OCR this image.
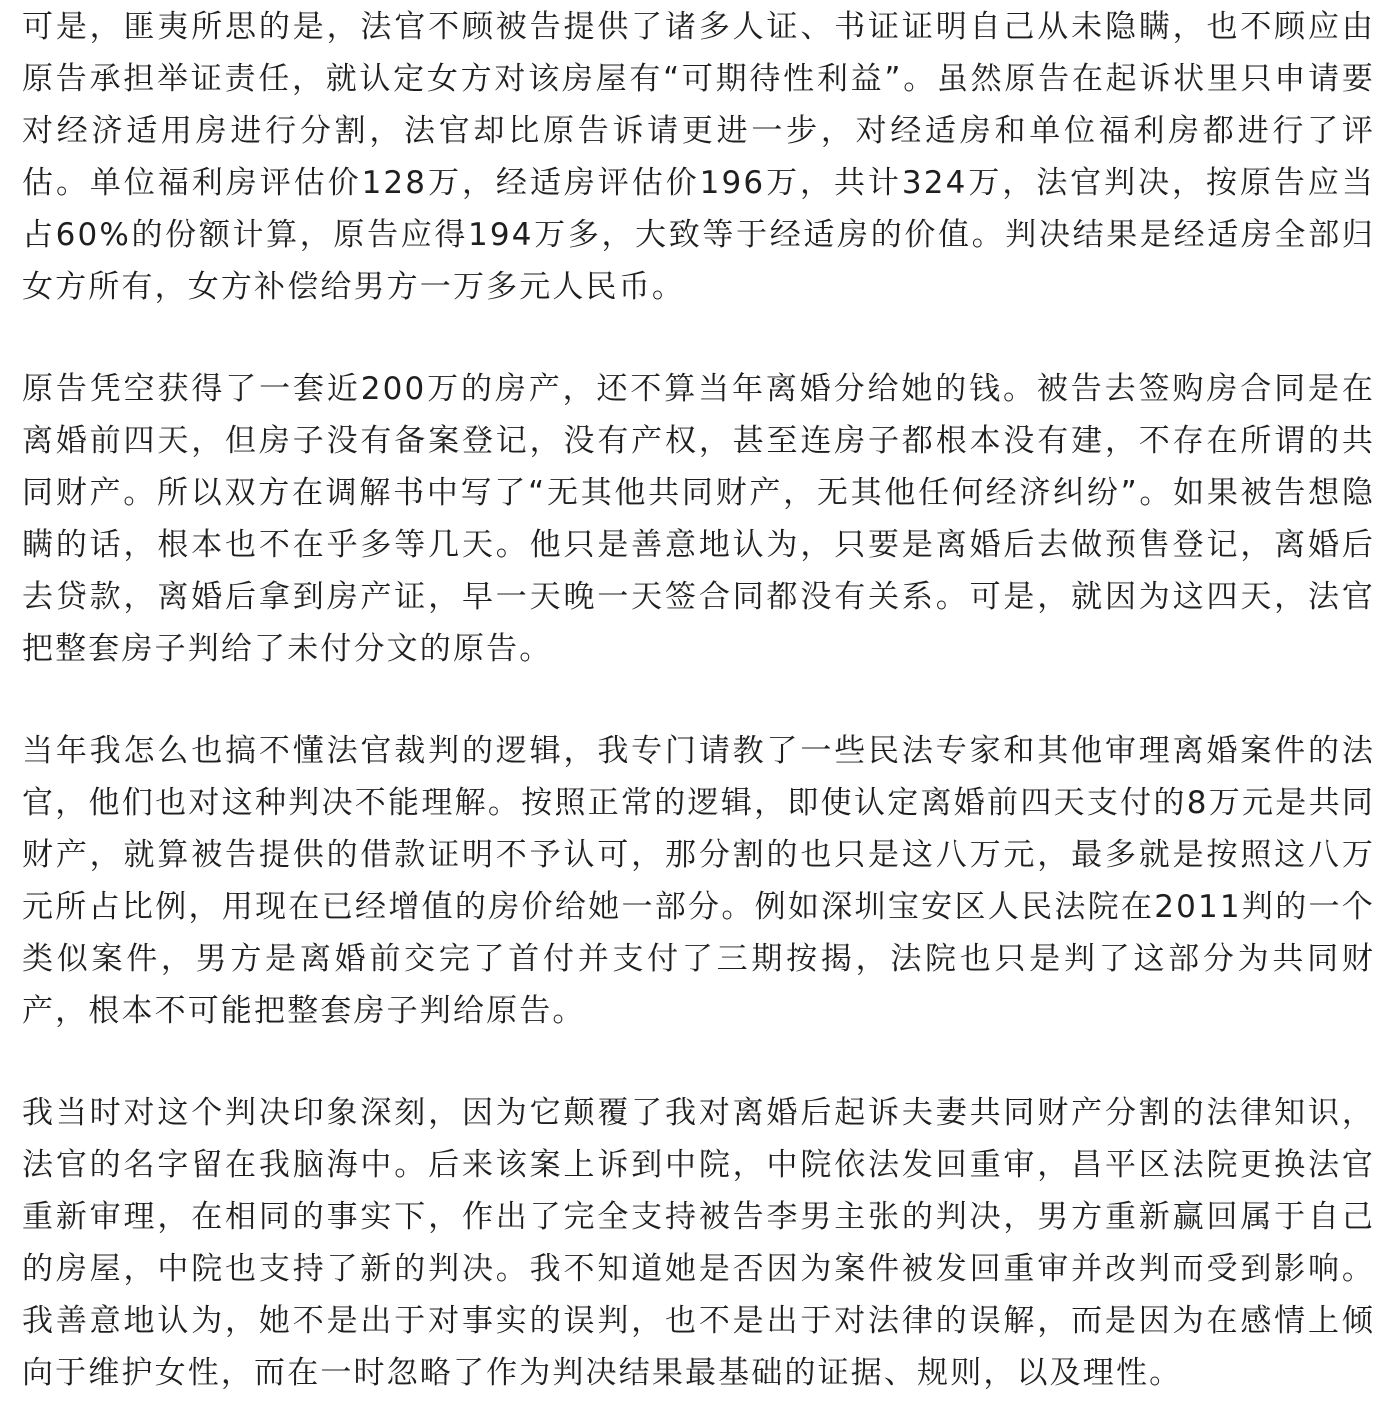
可是，匪夷所思的是，法官不顾被告提供了诸多人证、书证证明自己从未隐瞒，也不顾应由原告承担举证责任，就认定女方对该房屋有“可期待性利益”。虽然原告在起诉状里只申请要对经济适用房进行分割，法官却比原告诉请更进一步，对经适房和单位福利房都进行了评估。单位福利房评估价128万，经适房评估价196万，共计324万，法官判决，按原告应当占60%的份额计算，原告应得194万多，大致等于经适房的价值。判决结果是经适房全部归女方所有，女方补偿给男方一万多元人民币。

原告凭空获得了一套近200万的房产，还不算当年离婚分给她的钱。被告去签购房合同是在离婚前四天，但房子没有备案登记，没有产权，甚至连房子都根本没有建，不存在所谓的共同财产。所以双方在调解书中写了“无其他共同财产，无其他任何经济纠纷”。如果被告想隐瞒的话，根本也不在乎多等几天。他只是善意地认为，只要是离婚后去做预售登记，离婚后去贷款，离婚后拿到房产证，早一天晚一天签合同都没有关系。可是，就因为这四天，法官把整套房子判给了未付分文的原告。

当年我怎么也搞不懂法官裁判的逻辑，我专门请教了一些民法专家和其他审理离婚案件的法官，他们也对这种判决不能理解。按照正常的逻辑，即使认定离婚前四天支付的8万元是共同财产，就算被告提供的借款证明不予认可，那分割的也只是这八万元，最多就是按照这八万元所占比例，用现在已经增值的房价给她一部分。例如深圳宝安区人民法院在2011判的一个类似案件，男方是离婚前交完了首付并支付了三期按揭，法院也只是判了这部分为共同财产，根本不可能把整套房子判给原告。

我当时对这个判决印象深刻，因为它颠覆了我对离婚后起诉夫妻共同财产分割的法律知识，法官的名字留在我脑海中。后来该案上诉到中院，中院依法发回重审，昌平区法院更换法官重新审理，在相同的事实下，作出了完全支持被告李男主张的判决，男方重新赢回属于自己的房屋，中院也支持了新的判决。我不知道她是否因为案件被发回重审并改判而受到影响。我善意地认为，她不是出于对事实的误判，也不是出于对法律的误解，而是因为在感情上倾向于维护女性，而在一时忽略了作为判决结果最基础的证据、规则，以及理性。
